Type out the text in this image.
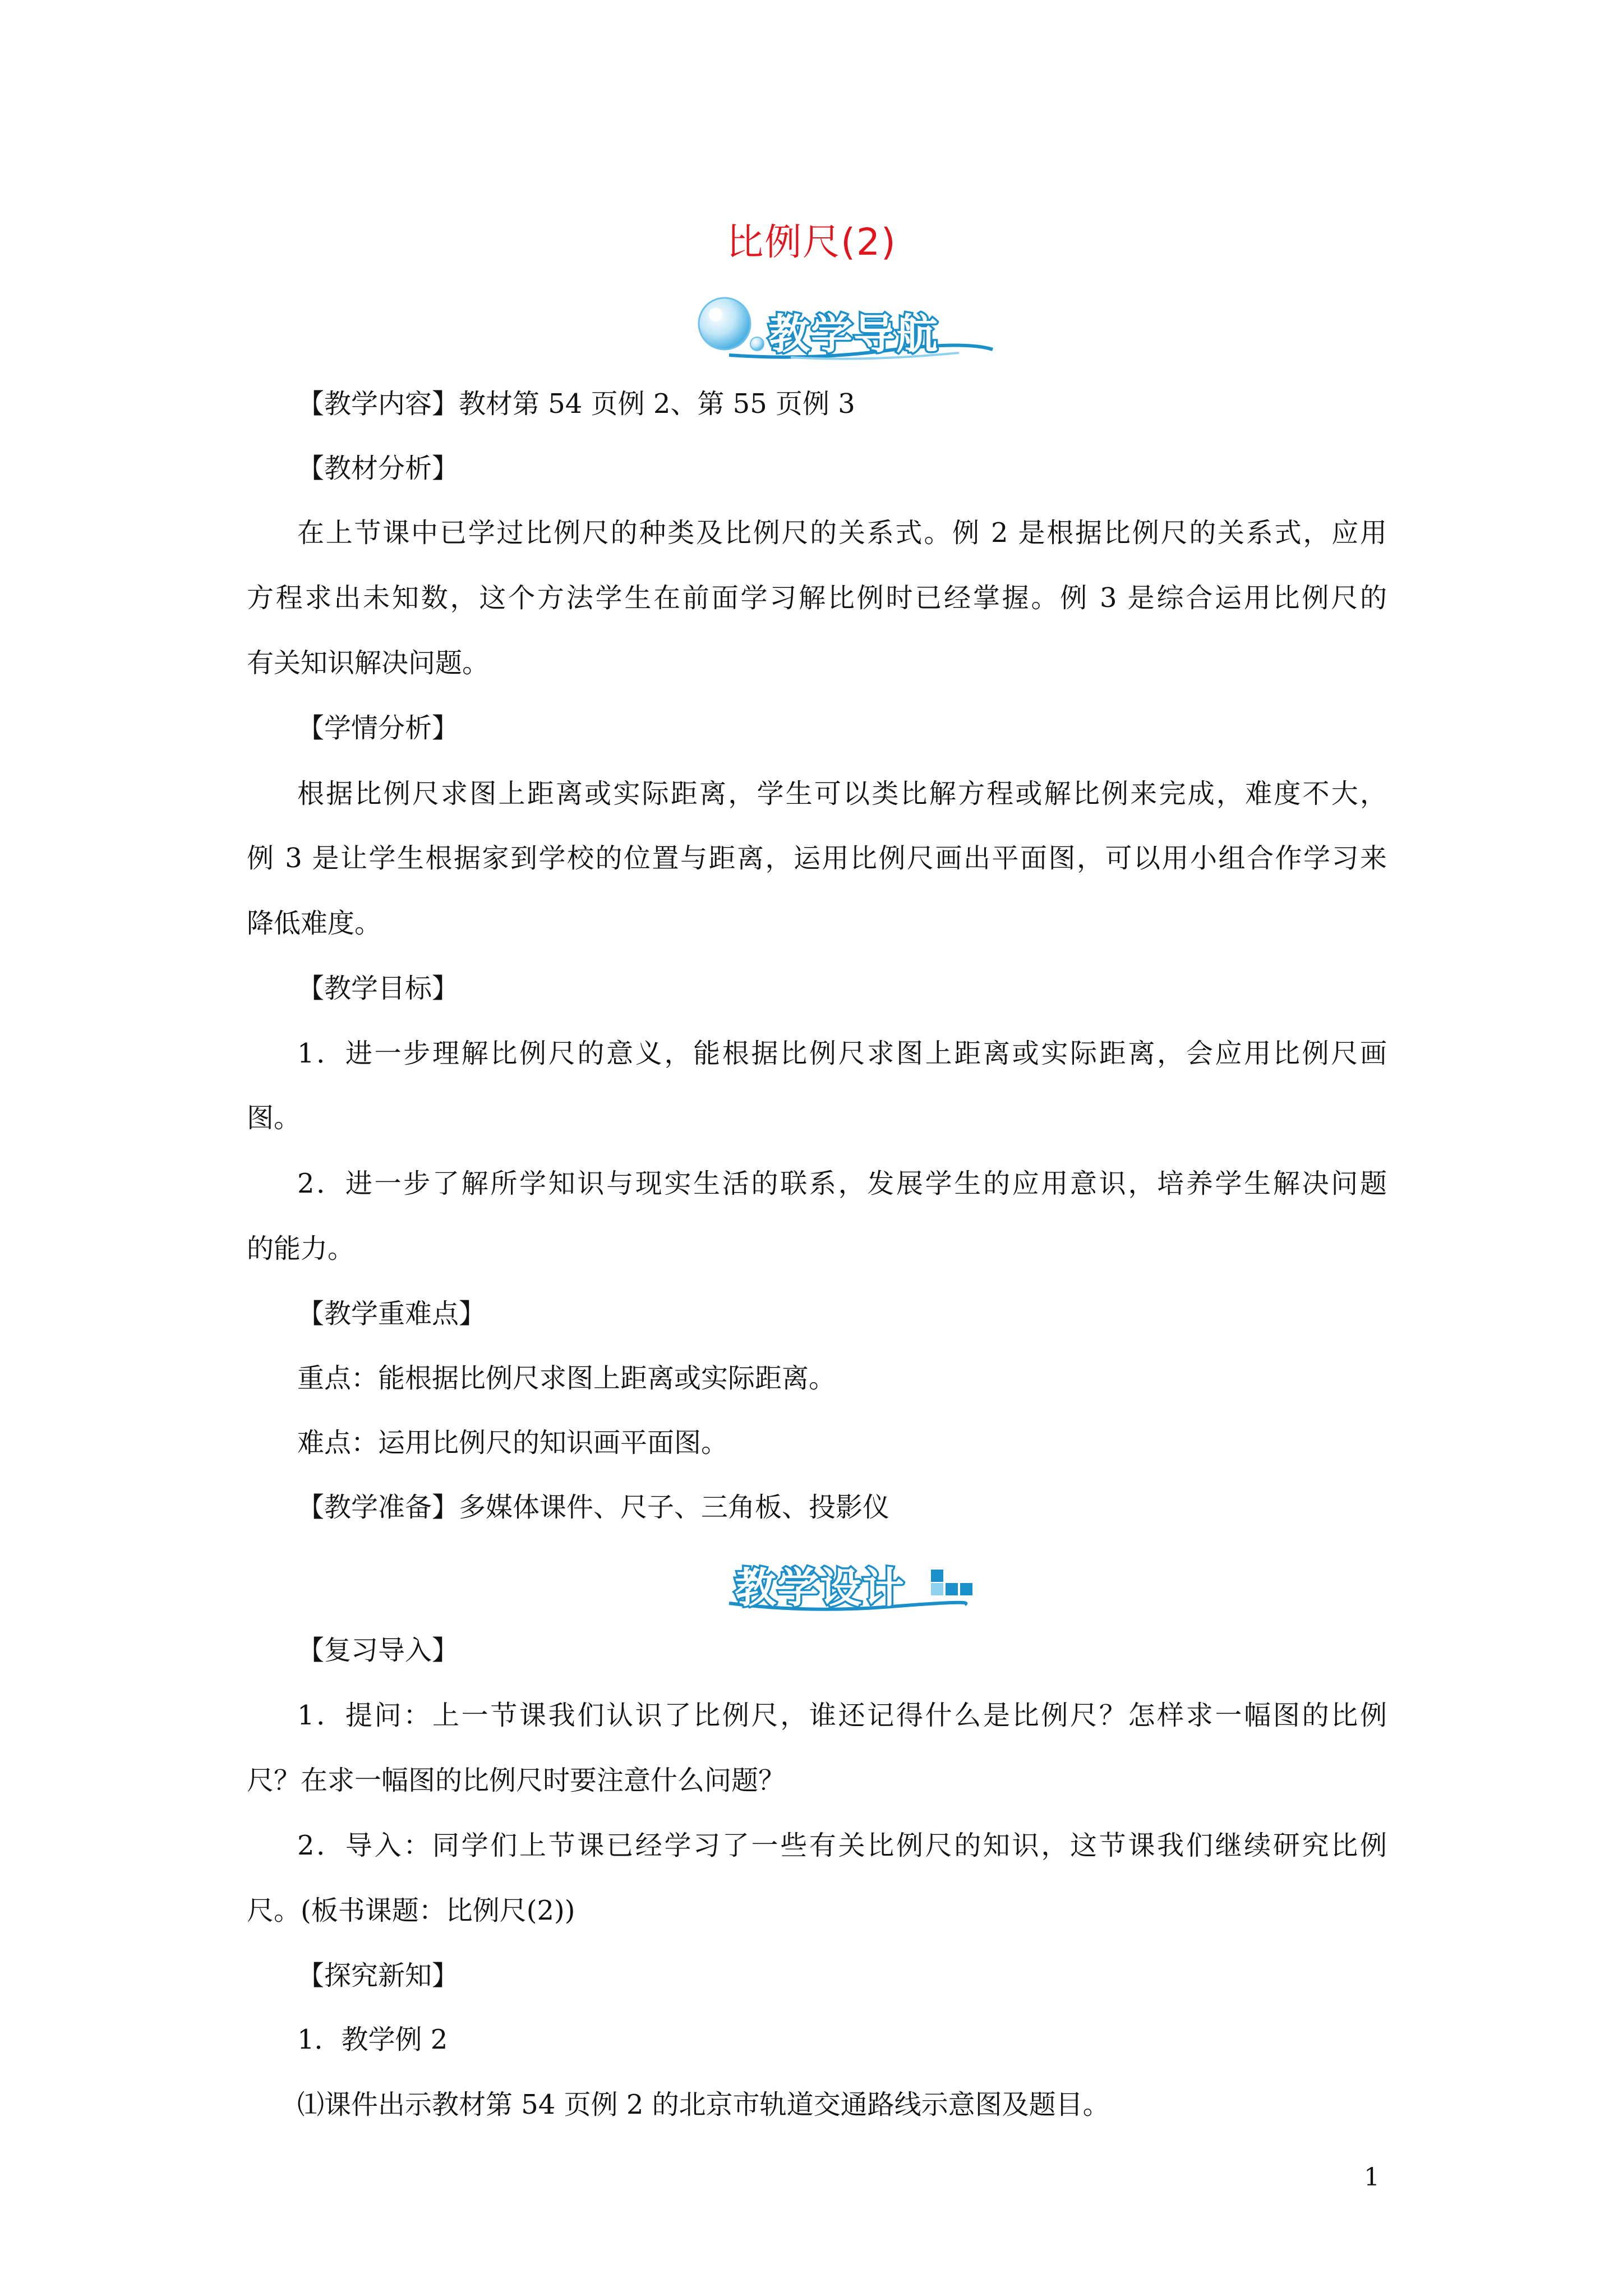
比例尺(2)
教学导航
【教学内容】教材第 54 页例 2、第 55 页例 3
【教材分析】
在上节课中已学过比例尺的种类及比例尺的关系式。例 2 是根据比例尺的关系式，应用
方程求出未知数，这个方法学生在前面学习解比例时已经掌握。例 3 是综合运用比例尺的
有关知识解决问题。
【学情分析】
根据比例尺求图上距离或实际距离，学生可以类比解方程或解比例来完成，难度不大，
例 3 是让学生根据家到学校的位置与距离，运用比例尺画出平面图，可以用小组合作学习来
降低难度。
【教学目标】
1．进一步理解比例尺的意义，能根据比例尺求图上距离或实际距离，会应用比例尺画
图。
2．进一步了解所学知识与现实生活的联系，发展学生的应用意识，培养学生解决问题
的能力。
【教学重难点】
重点：能根据比例尺求图上距离或实际距离。
难点：运用比例尺的知识画平面图。
【教学准备】多媒体课件、尺子、三角板、投影仪
教学设计
【复习导入】
1．提问：上一节课我们认识了比例尺，谁还记得什么是比例尺？怎样求一幅图的比例
尺？在求一幅图的比例尺时要注意什么问题？
2．导入：同学们上节课已经学习了一些有关比例尺的知识，这节课我们继续研究比例
尺。(板书课题：比例尺(2))
【探究新知】
1．教学例 2
⑴课件出示教材第 54 页例 2 的北京市轨道交通路线示意图及题目。
1
